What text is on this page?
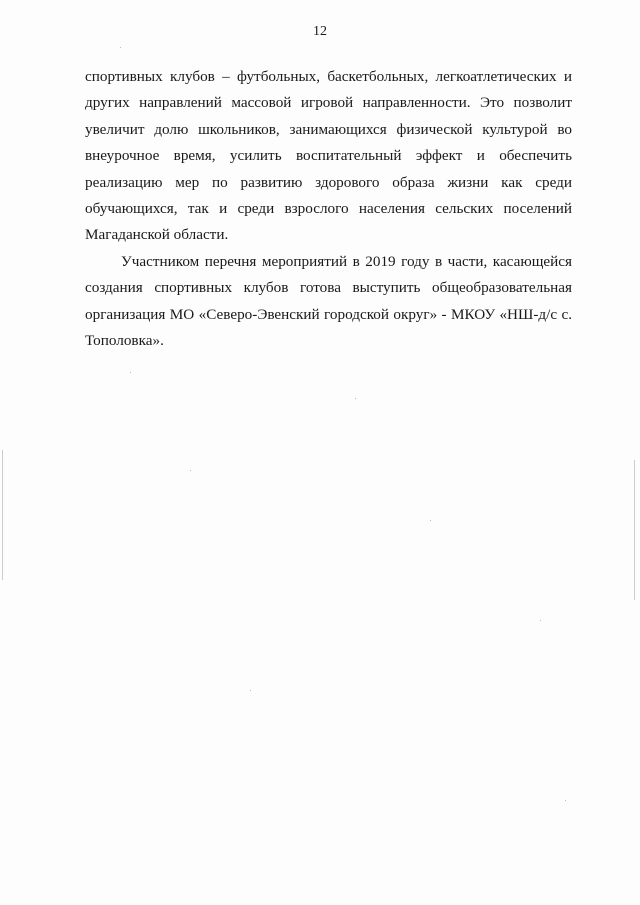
12

спортивных клубов – футбольных, баскетбольных, легкоатлетических и других направлений массовой игровой направленности. Это позволит увеличит долю школьников, занимающихся физической культурой во внеурочное время, усилить воспитательный эффект и обеспечить реализацию мер по развитию здорового образа жизни как среди обучающихся, так и среди взрослого населения сельских поселений Магаданской области.

Участником перечня мероприятий в 2019 году в части, касающейся создания спортивных клубов готова выступить общеобразовательная организация МО «Северо-Эвенский городской округ» - МКОУ «НШ-д/с с. Тополовка».
